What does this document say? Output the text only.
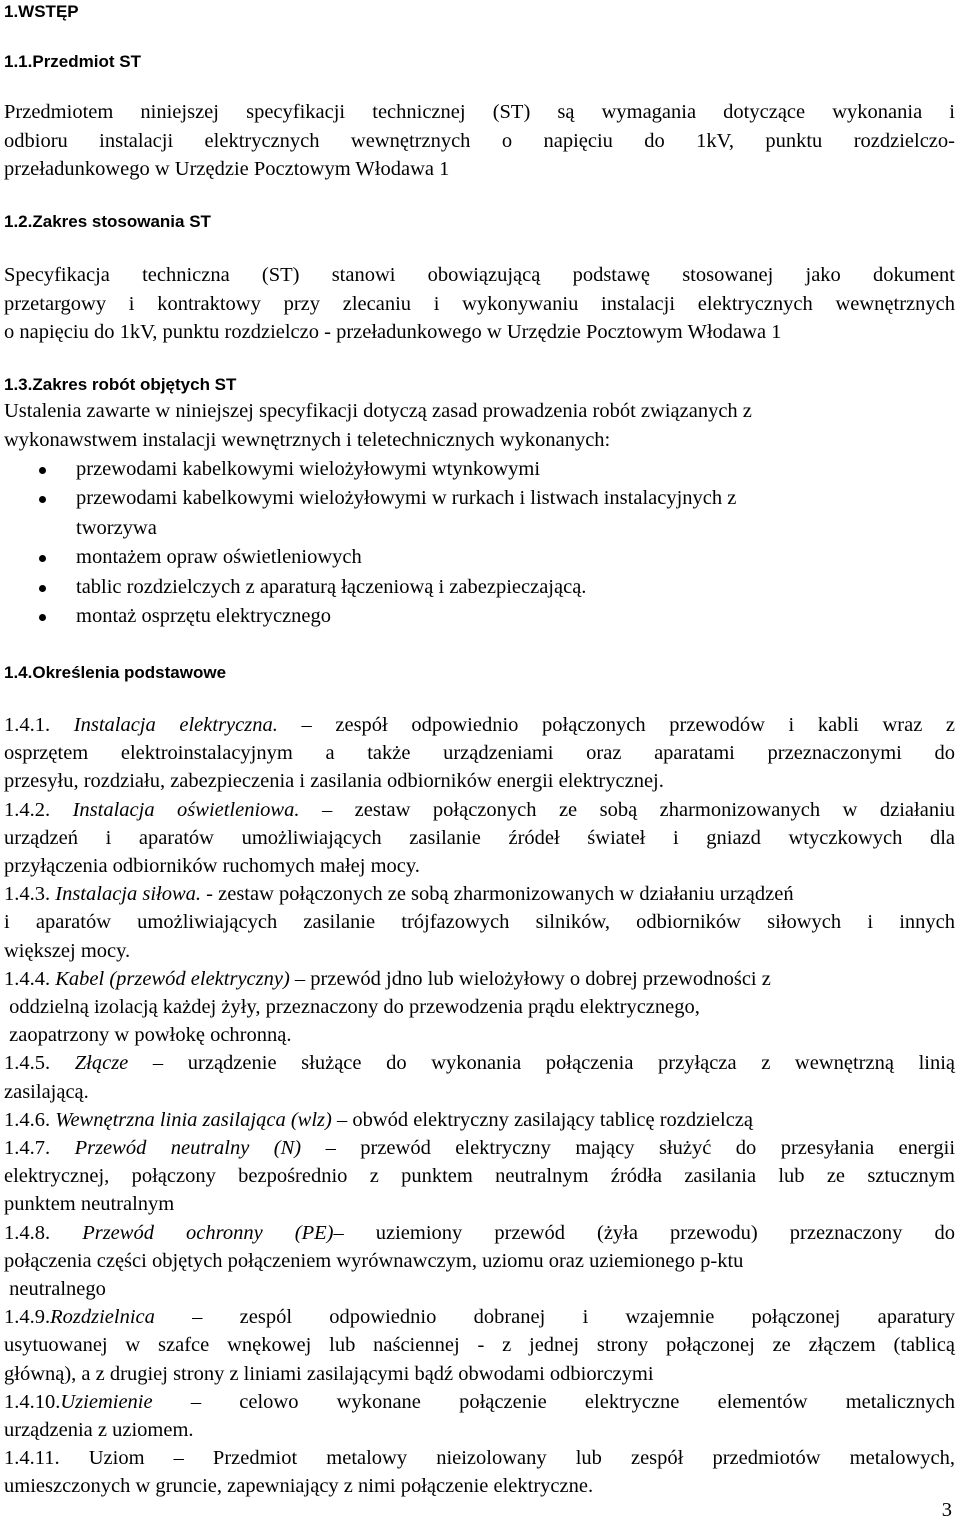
1.WSTĘP
1.1.Przedmiot ST
Przedmiotem niniejszej specyfikacji technicznej (ST) są wymagania dotyczące wykonania i
odbioru instalacji elektrycznych wewnętrznych o napięciu do 1kV, punktu rozdzielczo-
przeładunkowego w Urzędzie Pocztowym Włodawa 1
1.2.Zakres stosowania ST
Specyfikacja techniczna (ST) stanowi obowiązującą podstawę stosowanej jako dokument
przetargowy i kontraktowy przy zlecaniu i wykonywaniu instalacji elektrycznych wewnętrznych
o napięciu do 1kV, punktu rozdzielczo - przeładunkowego w Urzędzie Pocztowym Włodawa 1
1.3.Zakres robót objętych ST
Ustalenia zawarte w niniejszej specyfikacji dotyczą zasad prowadzenia robót związanych z
wykonawstwem instalacji wewnętrznych i teletechnicznych wykonanych:
przewodami kabelkowymi wielożyłowymi wtynkowymi
przewodami kabelkowymi wielożyłowymi w rurkach i listwach instalacyjnych z
tworzywa
montażem opraw oświetleniowych
tablic rozdzielczych z aparaturą łączeniową i zabezpieczającą.
montaż osprzętu elektrycznego
1.4.Określenia podstawowe
1.4.1. Instalacja elektryczna. – zespół odpowiednio połączonych przewodów i kabli wraz z
osprzętem elektroinstalacyjnym a także urządzeniami oraz aparatami przeznaczonymi do
przesyłu, rozdziału, zabezpieczenia i zasilania odbiorników energii elektrycznej.
1.4.2. Instalacja oświetleniowa. – zestaw połączonych ze sobą zharmonizowanych w działaniu
urządzeń i aparatów umożliwiających zasilanie źródeł świateł i gniazd wtyczkowych dla
przyłączenia odbiorników ruchomych małej mocy.
1.4.3. Instalacja siłowa. - zestaw połączonych ze sobą zharmonizowanych w działaniu urządzeń
i aparatów umożliwiających zasilanie trójfazowych silników, odbiorników siłowych i innych
większej mocy.
1.4.4. Kabel (przewód elektryczny) – przewód jdno lub wielożyłowy o dobrej przewodności z
oddzielną izolacją każdej żyły, przeznaczony do przewodzenia prądu elektrycznego,
zaopatrzony w powłokę ochronną.
1.4.5. Złącze – urządzenie służące do wykonania połączenia przyłącza z wewnętrzną linią
zasilającą.
1.4.6. Wewnętrzna linia zasilająca (wlz) – obwód elektryczny zasilający tablicę rozdzielczą
1.4.7. Przewód neutralny (N) – przewód elektryczny mający służyć do przesyłania energii
elektrycznej, połączony bezpośrednio z punktem neutralnym źródła zasilania lub ze sztucznym
punktem neutralnym
1.4.8. Przewód ochronny (PE)– uziemiony przewód (żyła przewodu) przeznaczony do
połączenia części objętych połączeniem wyrównawczym, uziomu oraz uziemionego p-ktu
neutralnego
1.4.9.Rozdzielnica – zespól odpowiednio dobranej i wzajemnie połączonej aparatury
usytuowanej w szafce wnękowej lub naściennej - z jednej strony połączonej ze złączem (tablicą
główną), a z drugiej strony z liniami zasilającymi bądź obwodami odbiorczymi
1.4.10.Uziemienie – celowo wykonane połączenie elektryczne elementów metalicznych
urządzenia z uziomem.
1.4.11. Uziom – Przedmiot metalowy nieizolowany lub zespół przedmiotów metalowych,
umieszczonych w gruncie, zapewniający z nimi połączenie elektryczne.
3
